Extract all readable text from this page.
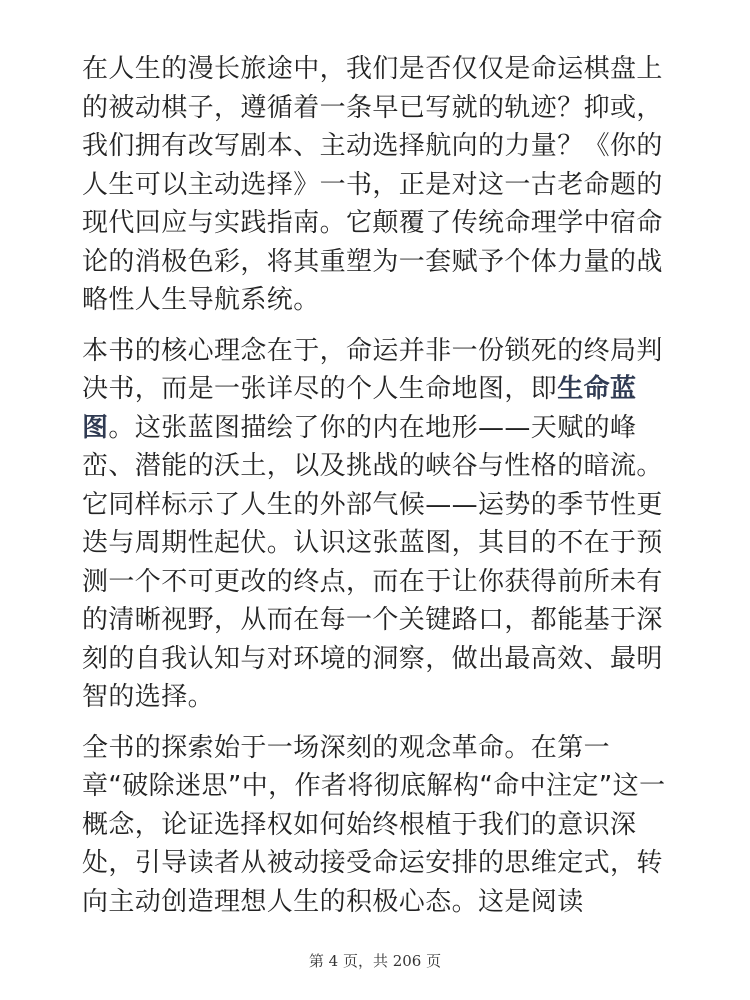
在人生的漫长旅途中，我们是否仅仅是命运棋盘上的被动棋子，遵循着一条早已写就的轨迹？抑或，我们拥有改写剧本、主动选择航向的力量？《你的人生可以主动选择》一书，正是对这一古老命题的现代回应与实践指南。它颠覆了传统命理学中宿命论的消极色彩，将其重塑为一套赋予个体力量的战略性人生导航系统。

本书的核心理念在于，命运并非一份锁死的终局判决书，而是一张详尽的个人生命地图，即生命蓝图。这张蓝图描绘了你的内在地形——天赋的峰峦、潜能的沃土，以及挑战的峡谷与性格的暗流。它同样标示了人生的外部气候——运势的季节性更迭与周期性起伏。认识这张蓝图，其目的不在于预测一个不可更改的终点，而在于让你获得前所未有的清晰视野，从而在每一个关键路口，都能基于深刻的自我认知与对环境的洞察，做出最高效、最明智的选择。

全书的探索始于一场深刻的观念革命。在第一章“破除迷思”中，作者将彻底解构“命中注定”这一概念，论证选择权如何始终根植于我们的意识深处，引导读者从被动接受命运安排的思维定式，转向主动创造理想人生的积极心态。这是阅读

第 4 页，共 206 页
